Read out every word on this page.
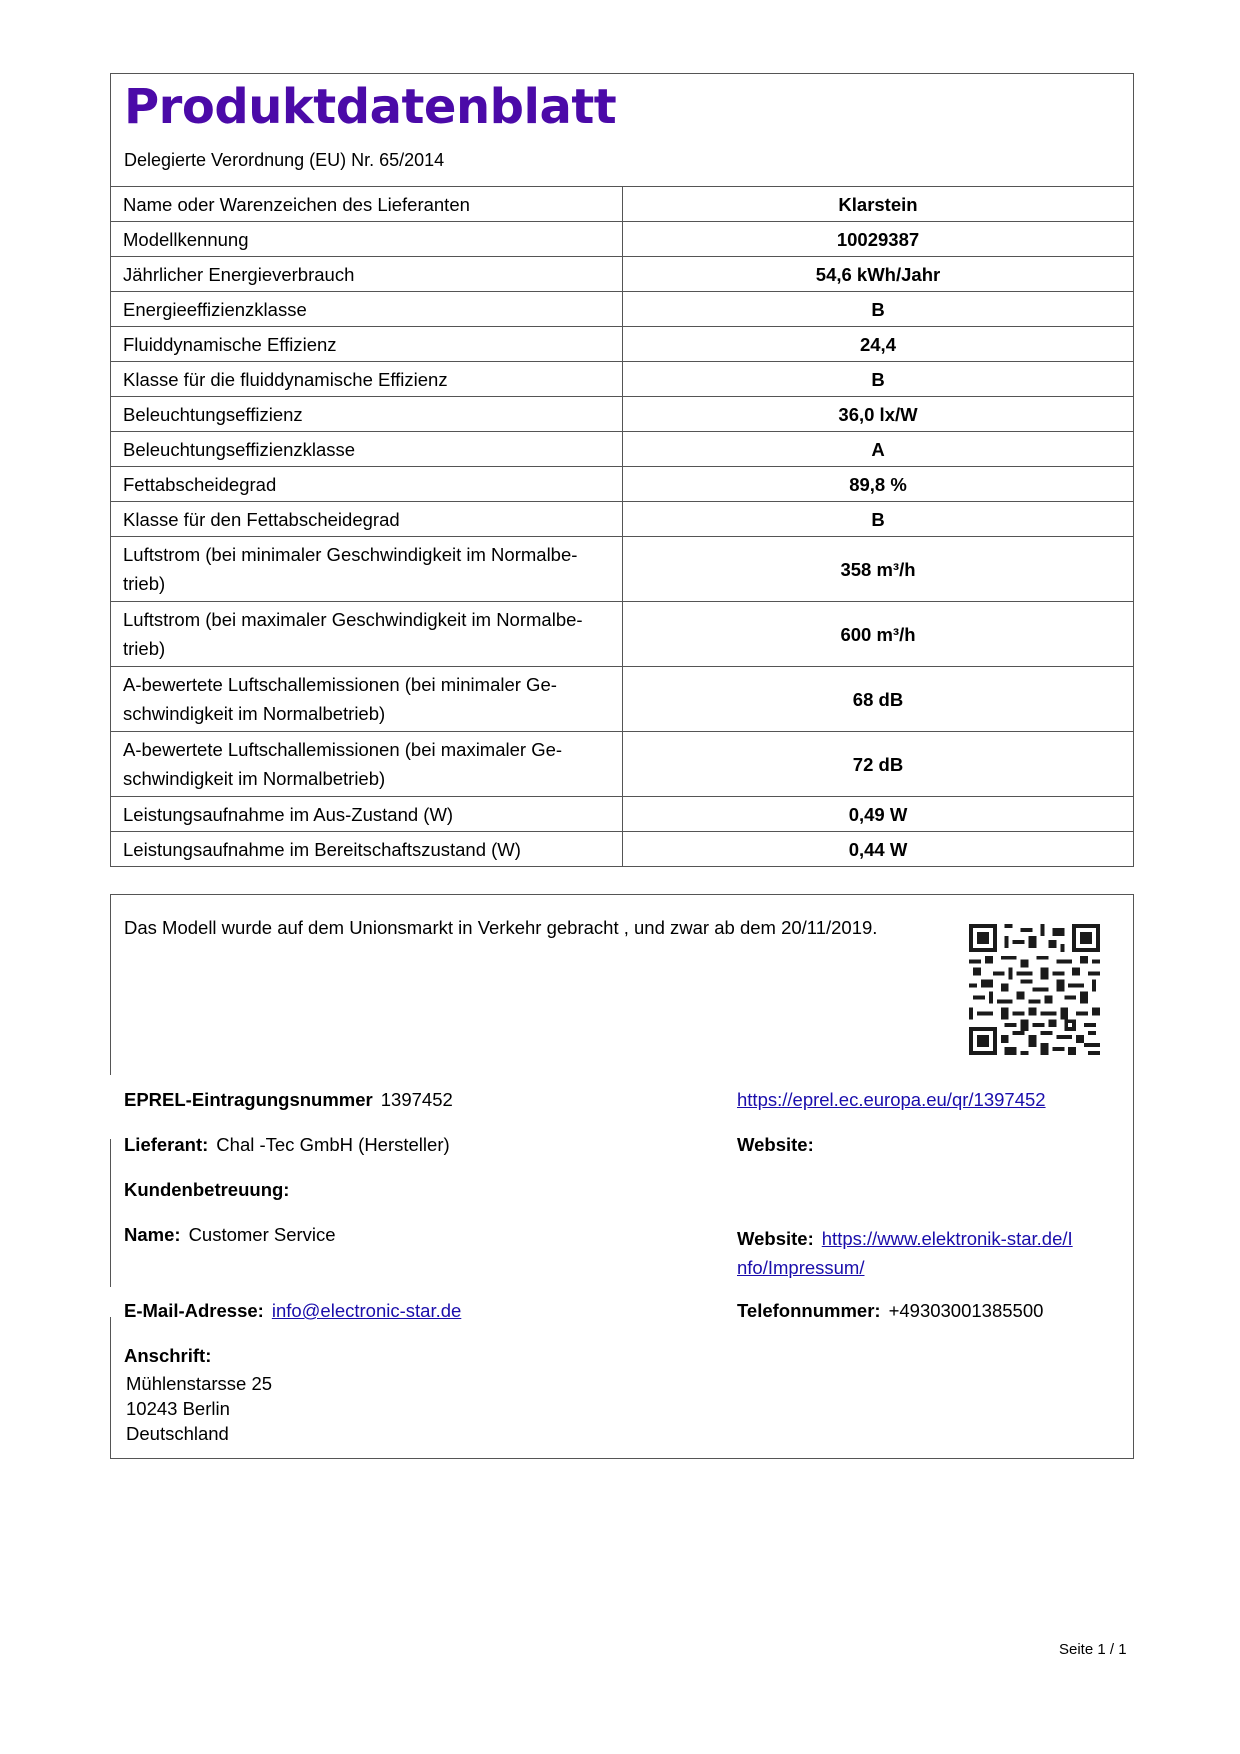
Produktdatenblatt
Delegierte Verordnung (EU) Nr. 65/2014
Name oder Warenzeichen des Lieferanten	Klarstein
Modellkennung	10029387
Jährlicher Energieverbrauch	54,6 kWh/Jahr
Energieeffizienzklasse	B
Fluiddynamische Effizienz	24,4
Klasse für die fluiddynamische Effizienz	B
Beleuchtungseffizienz	36,0 lx/W
Beleuchtungseffizienzklasse	A
Fettabscheidegrad	89,8 %
Klasse für den Fettabscheidegrad	B
Luftstrom (bei minimaler Geschwindigkeit im Normalbe-
trieb)	358 m³/h
Luftstrom (bei maximaler Geschwindigkeit im Normalbe-
trieb)	600 m³/h
A-bewertete Luftschallemissionen (bei minimaler Ge-
schwindigkeit im Normalbetrieb)	68 dB
A-bewertete Luftschallemissionen (bei maximaler Ge-
schwindigkeit im Normalbetrieb)	72 dB
Leistungsaufnahme im Aus-Zustand (W)	0,49 W
Leistungsaufnahme im Bereitschaftszustand (W)	0,44 W
Das Modell wurde auf dem Unionsmarkt in Verkehr gebracht , und zwar ab dem 20/11/2019.
EPREL-Eintragungsnummer 1397452	https://eprel.ec.europa.eu/qr/1397452
Lieferant: Chal -Tec GmbH (Hersteller)	Website:
Kundenbetreuung:
Name: Customer Service	Website: https://www.elektronik-star.de/I
nfo/Impressum/
E-Mail-Adresse: info@electronic-star.de	Telefonnummer: +49303001385500
Anschrift:
Mühlenstarsse 25
10243 Berlin
Deutschland
Seite 1 / 1
